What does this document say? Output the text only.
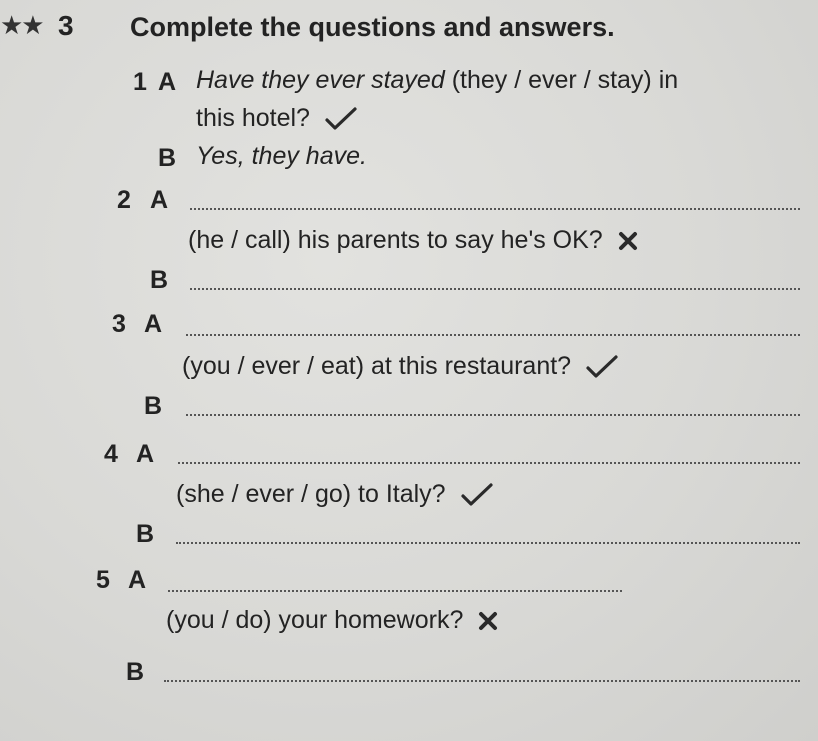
★★ 3 Complete the questions and answers.
1 A Have they ever stayed (they / ever / stay) in
this hotel?
B Yes, they have.
2 A
(he / call) his parents to say he's OK?
B
3 A
(you / ever / eat) at this restaurant?
B
4 A
(she / ever / go) to Italy?
B
5 A
(you / do) your homework?
B
